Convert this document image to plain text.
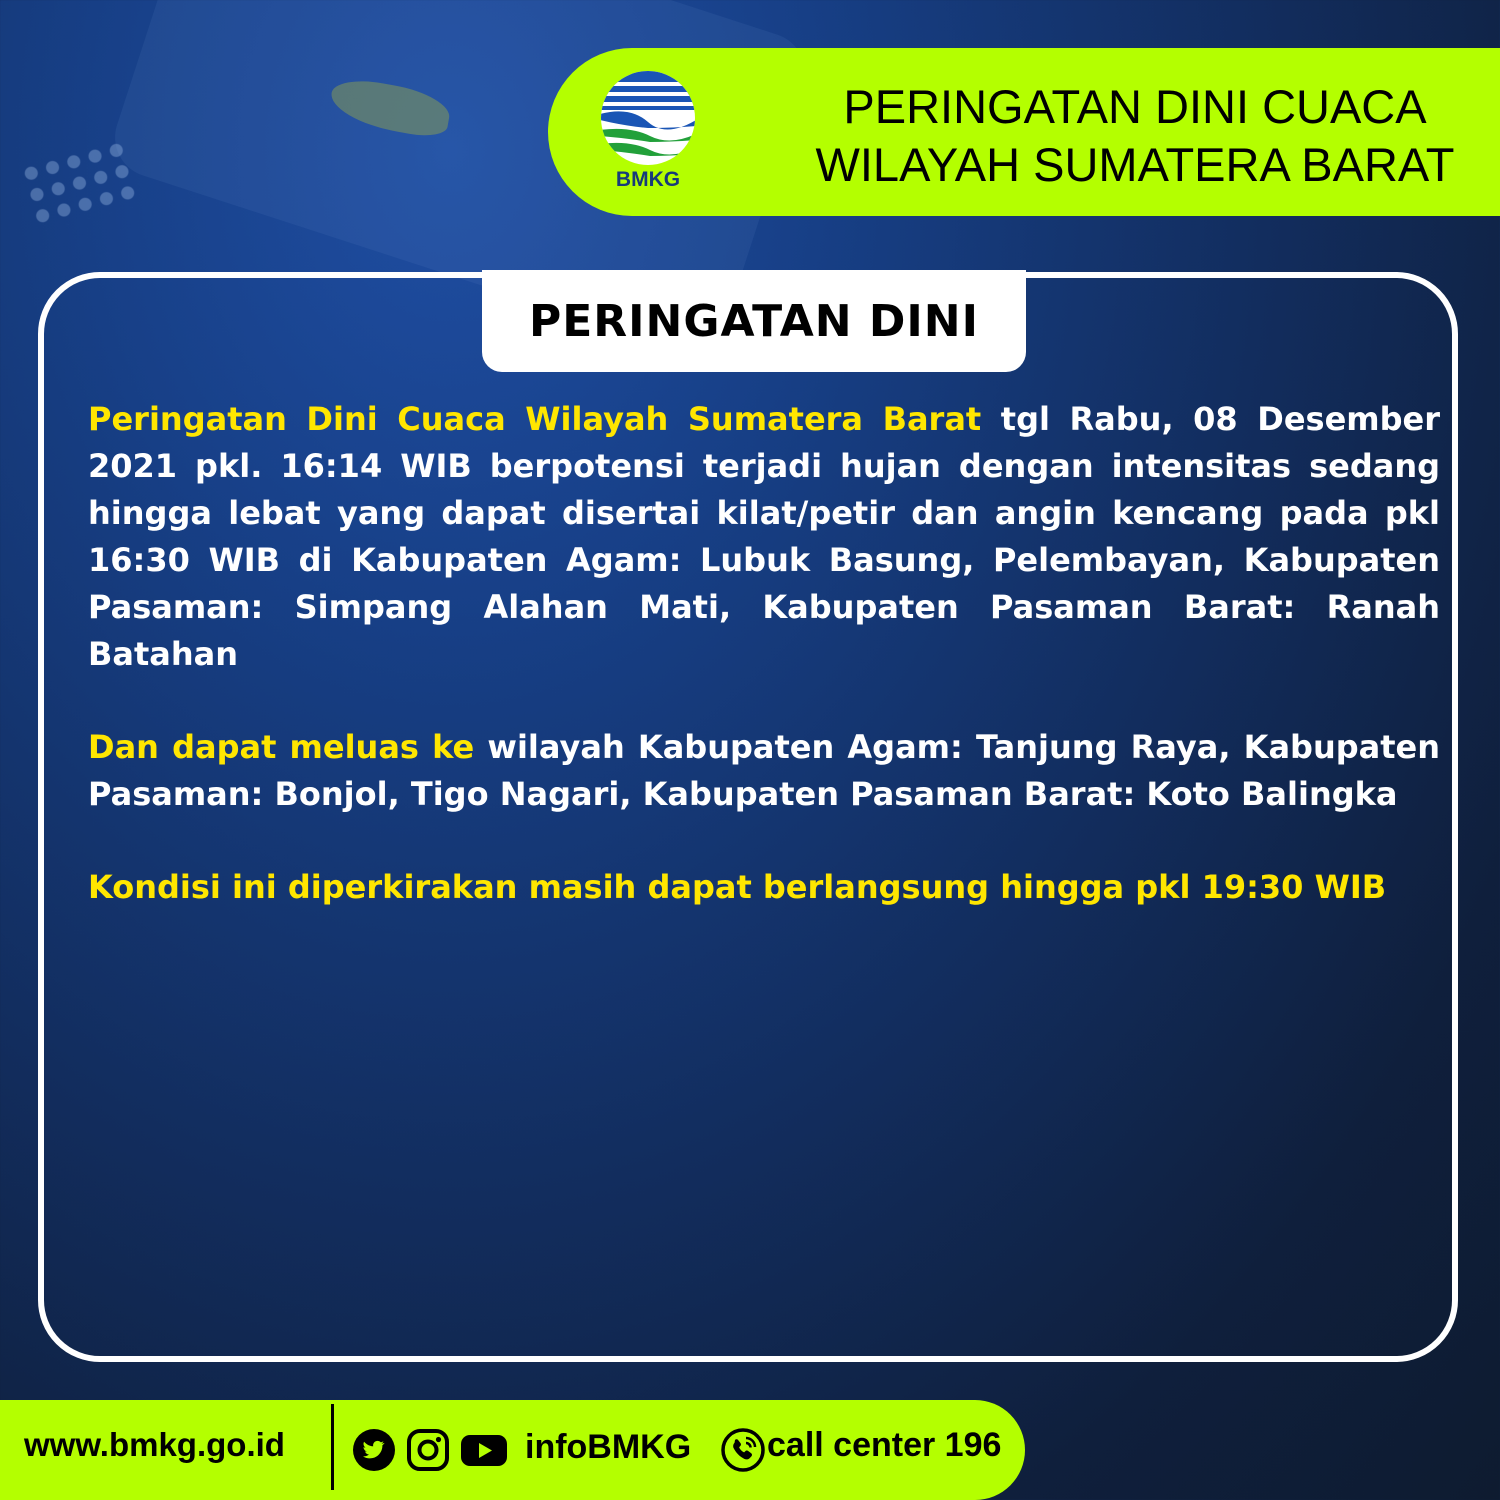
BMKG
PERINGATAN DINI CUACA
WILAYAH SUMATERA BARAT
PERINGATAN DINI

Peringatan Dini Cuaca Wilayah Sumatera Barat tgl Rabu, 08 Desember 2021 pkl. 16:14 WIB berpotensi terjadi hujan dengan intensitas sedang hingga lebat yang dapat disertai kilat/petir dan angin kencang pada pkl 16:30 WIB di Kabupaten Agam: Lubuk Basung, Pelembayan, Kabupaten Pasaman: Simpang Alahan Mati, Kabupaten Pasaman Barat: Ranah Batahan

Dan dapat meluas ke wilayah Kabupaten Agam: Tanjung Raya, Kabupaten Pasaman: Bonjol, Tigo Nagari, Kabupaten Pasaman Barat: Koto Balingka

Kondisi ini diperkirakan masih dapat berlangsung hingga pkl 19:30 WIB

www.bmkg.go.id	infoBMKG call center 196
